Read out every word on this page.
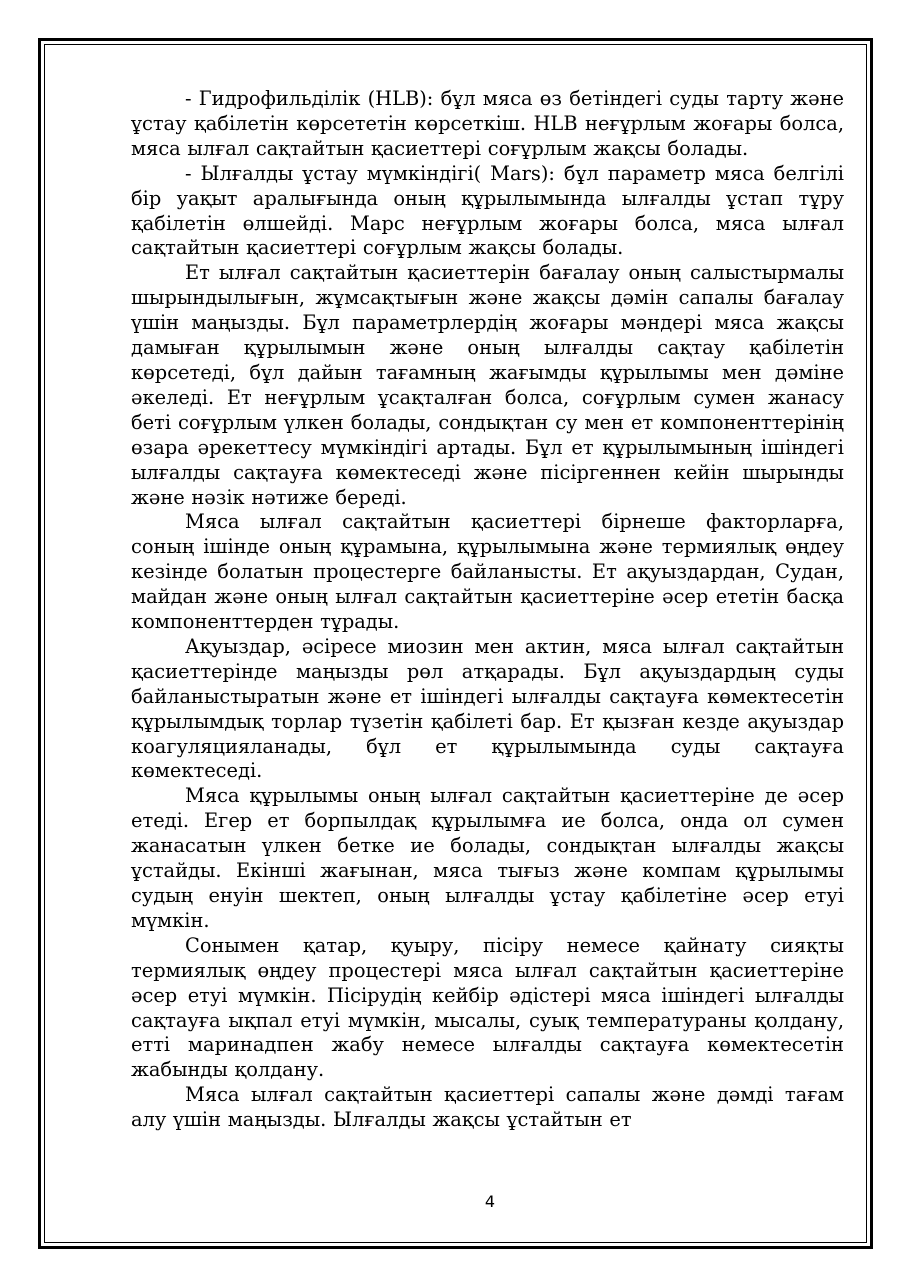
- Гидрофильділік (HLB): бұл мяса өз бетіндегі суды тарту және ұстау қабілетін көрсететін көрсеткіш. HLB неғұрлым жоғары болса, мяса ылғал сақтайтын қасиеттері соғұрлым жақсы болады.

- Ылғалды ұстау мүмкіндігі( Mars): бұл параметр мяса белгілі бір уақыт аралығында оның құрылымында ылғалды ұстап тұру қабілетін өлшейді. Марс неғұрлым жоғары болса, мяса ылғал сақтайтын қасиеттері соғұрлым жақсы болады.

Ет ылғал сақтайтын қасиеттерін бағалау оның салыстырмалы шырындылығын, жұмсақтығын және жақсы дәмін сапалы бағалау үшін маңызды. Бұл параметрлердің жоғары мәндері мяса жақсы дамыған құрылымын және оның ылғалды сақтау қабілетін көрсетеді, бұл дайын тағамның жағымды құрылымы мен дәміне әкеледі. Ет неғұрлым ұсақталған болса, соғұрлым сумен жанасу беті соғұрлым үлкен болады, сондықтан су мен ет компоненттерінің өзара әрекеттесу мүмкіндігі артады. Бұл ет құрылымының ішіндегі ылғалды сақтауға көмектеседі және пісіргеннен кейін шырынды және нәзік нәтиже береді.

Мяса ылғал сақтайтын қасиеттері бірнеше факторларға, соның ішінде оның құрамына, құрылымына және термиялық өңдеу кезінде болатын процестерге байланысты. Ет ақуыздардан, Судан, майдан және оның ылғал сақтайтын қасиеттеріне әсер ететін басқа компоненттерден тұрады.

Ақуыздар, әсіресе миозин мен актин, мяса ылғал сақтайтын қасиеттерінде маңызды рөл атқарады. Бұл ақуыздардың суды байланыстыратын және ет ішіндегі ылғалды сақтауға көмектесетін құрылымдық торлар түзетін қабілеті бар. Ет қызған кезде ақуыздар коагуляцияланады, бұл ет құрылымында суды сақтауға көмектеседі.

Мяса құрылымы оның ылғал сақтайтын қасиеттеріне де әсер етеді. Егер ет борпылдақ құрылымға ие болса, онда ол сумен жанасатын үлкен бетке ие болады, сондықтан ылғалды жақсы ұстайды. Екінші жағынан, мяса тығыз және компам құрылымы судың енуін шектеп, оның ылғалды ұстау қабілетіне әсер етуі мүмкін.

Сонымен қатар, қуыру, пісіру немесе қайнату сияқты термиялық өңдеу процестері мяса ылғал сақтайтын қасиеттеріне әсер етуі мүмкін. Пісірудің кейбір әдістері мяса ішіндегі ылғалды сақтауға ықпал етуі мүмкін, мысалы, суық температураны қолдану, етті маринадпен жабу немесе ылғалды сақтауға көмектесетін жабынды қолдану.

Мяса ылғал сақтайтын қасиеттері сапалы және дәмді тағам алу үшін маңызды. Ылғалды жақсы ұстайтын ет

4
